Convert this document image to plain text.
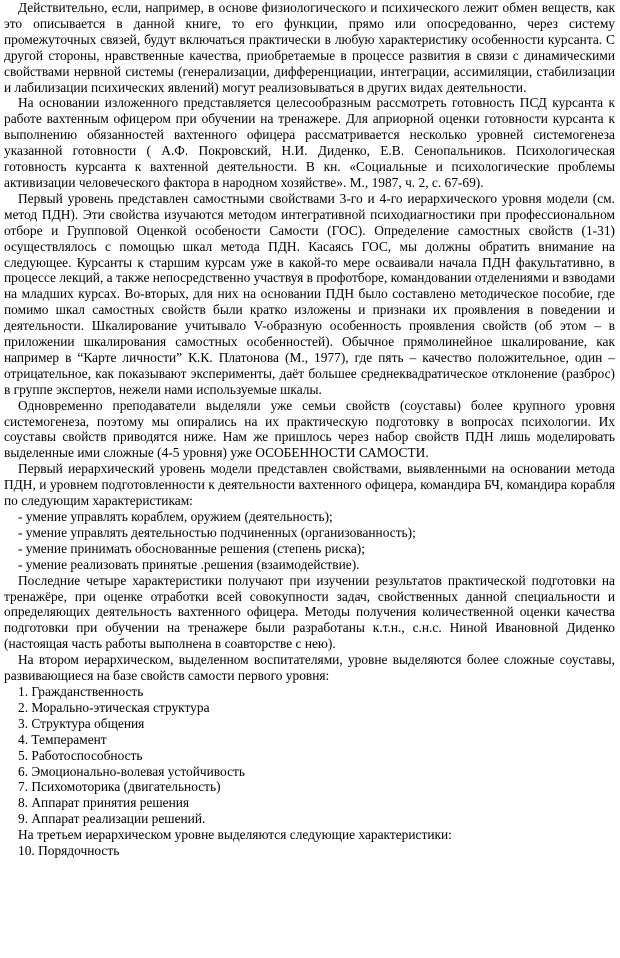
Действительно, если, например, в основе физиологического и психического лежит обмен веществ, как это описывается в данной книге, то его функции, прямо или опосредованно, через систему промежуточных связей, будут включаться практически в любую характеристику особенности курсанта. С другой стороны, нравственные качества, приобретаемые в процессе развития в связи с динамическими свойствами нервной системы (генерализации, дифференциации, интеграции, ассимиляции, стабилизации и лабилизации психических явлений) могут реализовываться в других видах деятельности.

На основании изложенного представляется целесообразным рассмотреть готовность ПСД курсанта к работе вахтенным офицером при обучении на тренажере. Для априорной оценки готовности курсанта к выполнению обязанностей вахтенного офицера рассматривается несколько уровней системогенеза указанной готовности ( А.Ф. Покровский, Н.И. Диденко, Е.В. Сенопальников. Психологическая готовность курсанта к вахтенной деятельности. В кн. «Социальные и психологические проблемы активизации человеческого фактора в народном хозяйстве». М., 1987, ч. 2, с. 67-69).

Первый уровень представлен самостными свойствами 3-го и 4-го иерархического уровня модели (см. метод ПДН). Эти свойства изучаются методом интегративной психодиагностики при профессиональном отборе и Групповой Оценкой особености Самости (ГОС). Определение самостных свойств (1-31) осуществлялось с помощью шкал метода ПДН. Касаясь ГОС, мы должны обратить внимание на следующее. Курсанты к старшим курсам уже в какой-то мере осваивали начала ПДН факультативно, в процессе лекций, а также непосредственно участвуя в профотборе, командовании отделениями и взводами на младших курсах. Во-вторых, для них на основании ПДН было составлено методическое пособие, где помимо шкал самостных свойств были кратко изложены и признаки их проявления в поведении и деятельности. Шкалирование учитывало V-образную особенность проявления свойств (об этом – в приложении шкалирования самостных особенностей). Обычное прямолинейное шкалирование, как например в “Карте личности” К.К. Платонова (М., 1977), где пять – качество положительное, один – отрицательное, как показывают эксперименты, даёт большее среднеквадратическое отклонение (разброс) в группе экспертов, нежели нами используемые шкалы.

Одновременно преподаватели выделяли уже семьи свойств (соуставы) более крупного уровня системогенеза, поэтому мы опирались на их практическую подготовку в вопросах психологии. Их соуставы свойств приводятся ниже. Нам же пришлось через набор свойств ПДН лишь моделировать выделенные ими сложные (4-5 уровня) уже ОСОБЕННОСТИ САМОСТИ.

Первый иерархический уровень модели представлен свойствами, выявленными на основании метода ПДН, и уровнем подготовленности к деятельности вахтенного офицера, командира БЧ, командира корабля по следующим характеристикам:

- умение управлять кораблем, оружием (деятельность);

- умение управлять деятельностью подчиненных (организованность);

- умение принимать обоснованные решения (степень риска);

- умение реализовать принятые .решения (взаимодействие).

Последние четыре характеристики получают при изучении результатов практической подготовки на тренажёре, при оценке отработки всей совокупности задач, свойственных данной специальности и определяющих деятельность вахтенного офицера. Методы получения количественной оценки качества подготовки при обучении на тренажере были разработаны к.т.н., с.н.с. Ниной Ивановной Диденко (настоящая часть работы выполнена в соавторстве с нею).

На втором иерархическом, выделенном воспитателями, уровне выделяются более сложные соуставы, развивающиеся на базе свойств самости первого уровня:

1. Гражданственность

2. Морально-этическая структура

3. Структура общения

4. Темперамент

5. Работоспособность

6. Эмоционально-волевая устойчивость

7. Психомоторика (двигательность)

8. Аппарат принятия решения

9. Аппарат реализации решений.

На третьем иерархическом уровне выделяются следующие характеристики:

10. Порядочность
